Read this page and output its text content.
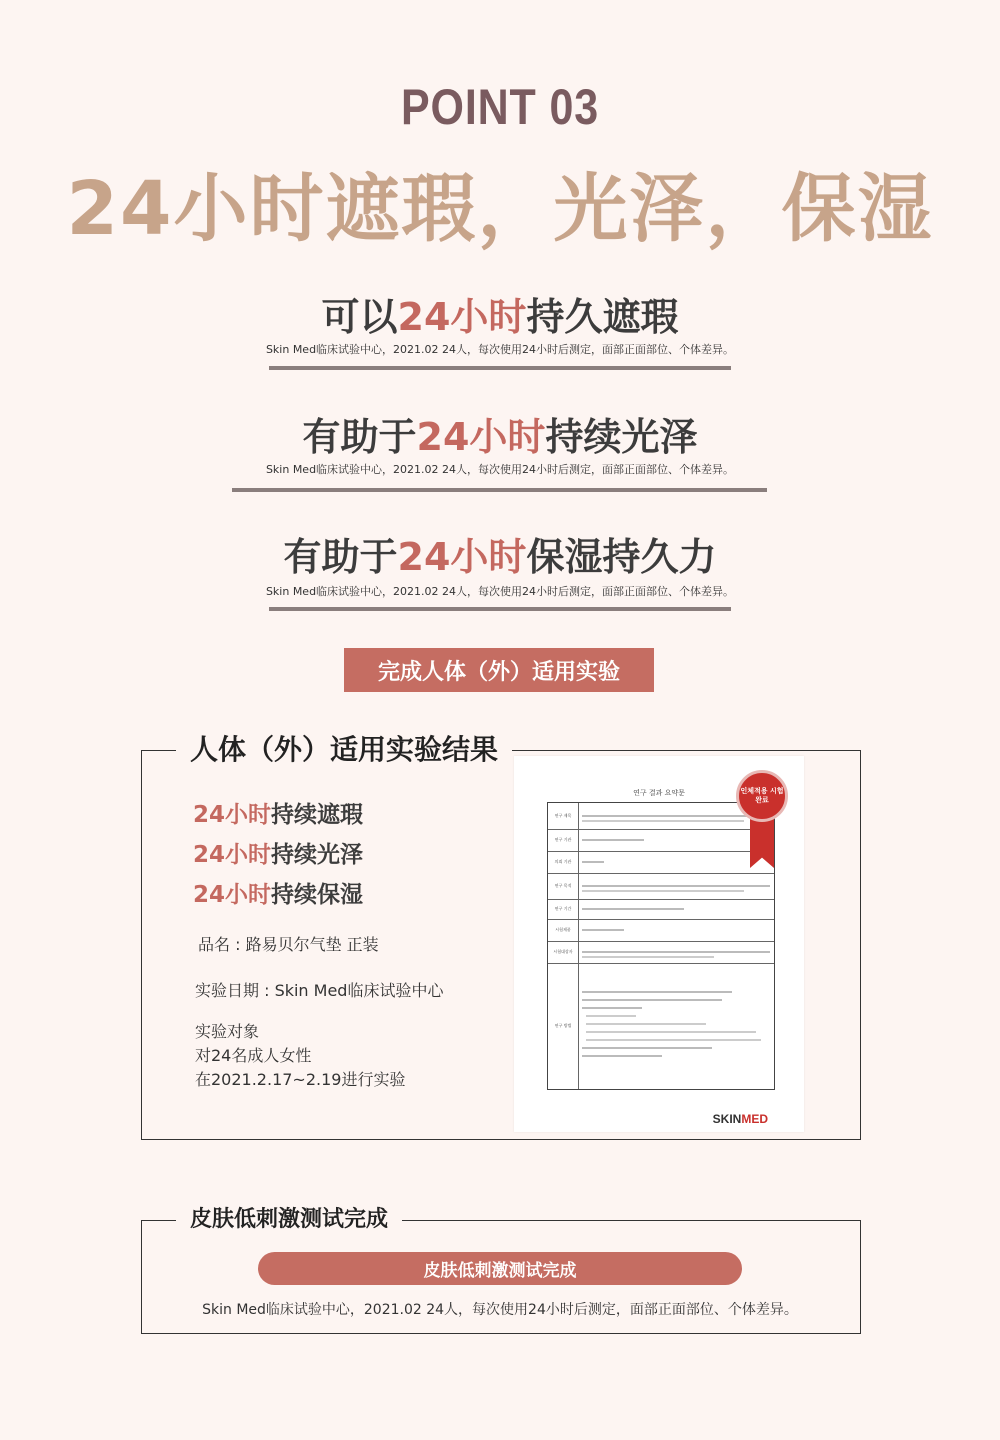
POINT 03
24小时遮瑕，光泽，保湿
可以24小时持久遮瑕
Skin Med临床试验中心，2021.02 24人，每次使用24小时后测定，面部正面部位、个体差异。
有助于24小时持续光泽
Skin Med临床试验中心，2021.02 24人，每次使用24小时后测定，面部正面部位、个体差异。
有助于24小时保湿持久力
Skin Med临床试验中心，2021.02 24人，每次使用24小时后测定，面部正面部位、个体差异。
完成人体（外）适用实验
人体（外）适用实验结果
24小时持续遮瑕
24小时持续光泽
24小时持续保湿
品名 : 路易贝尔气垫 正装
实验日期 : Skin Med临床试验中心
实验对象
对24名成人女性
在2021.2.17~2.19进行实验
연구 결과 요약문
연구 제목
연구 기관
의뢰 기관
연구 목적
연구 기간
시험제품
시험대상자
연구 방법
인체적용 시험완료
SKINMED
皮肤低刺激测试完成
皮肤低刺激测试完成
Skin Med临床试验中心，2021.02 24人，每次使用24小时后测定，面部正面部位、个体差异。
